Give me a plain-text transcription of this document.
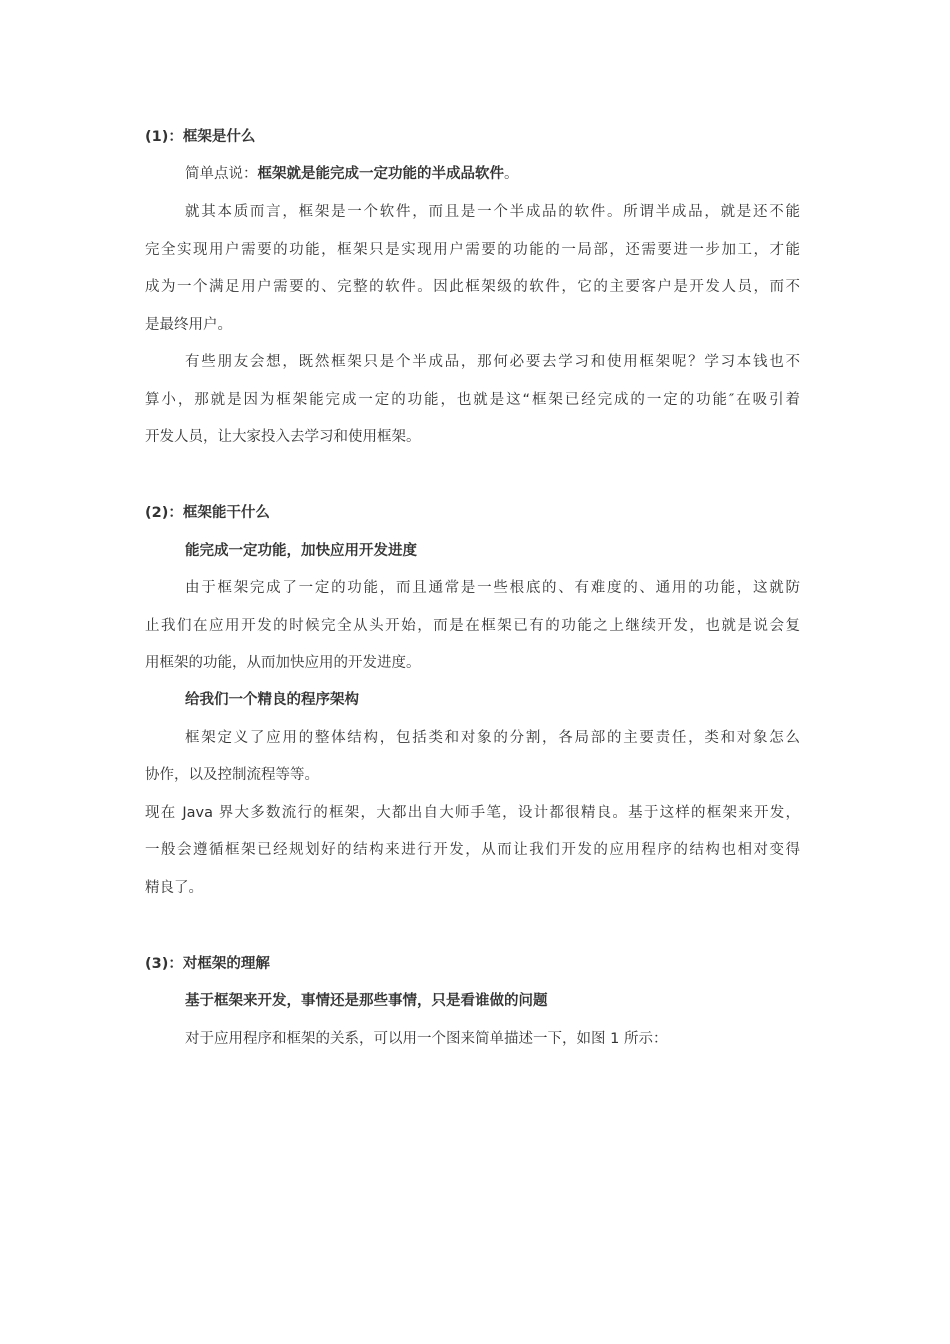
(1)：框架是什么
简单点说：框架就是能完成一定功能的半成品软件。
就其本质而言，框架是一个软件，而且是一个半成品的软件。所谓半成品，就是还不能
完全实现用户需要的功能，框架只是实现用户需要的功能的一局部，还需要进一步加工，才能
成为一个满足用户需要的、完整的软件。因此框架级的软件，它的主要客户是开发人员，而不
是最终用户。
有些朋友会想，既然框架只是个半成品，那何必要去学习和使用框架呢？学习本钱也不
算小，那就是因为框架能完成一定的功能，也就是这“框架已经完成的一定的功能″在吸引着
开发人员，让大家投入去学习和使用框架。
(2)：框架能干什么
能完成一定功能，加快应用开发进度
由于框架完成了一定的功能，而且通常是一些根底的、有难度的、通用的功能，这就防
止我们在应用开发的时候完全从头开始，而是在框架已有的功能之上继续开发，也就是说会复
用框架的功能，从而加快应用的开发进度。
给我们一个精良的程序架构
框架定义了应用的整体结构，包括类和对象的分割，各局部的主要责任，类和对象怎么
协作，以及控制流程等等。
现在 Java 界大多数流行的框架，大都出自大师手笔，设计都很精良。基于这样的框架来开发，
一般会遵循框架已经规划好的结构来进行开发，从而让我们开发的应用程序的结构也相对变得
精良了。
(3)：对框架的理解
基于框架来开发，事情还是那些事情，只是看谁做的问题
对于应用程序和框架的关系，可以用一个图来简单描述一下，如图 1 所示：
